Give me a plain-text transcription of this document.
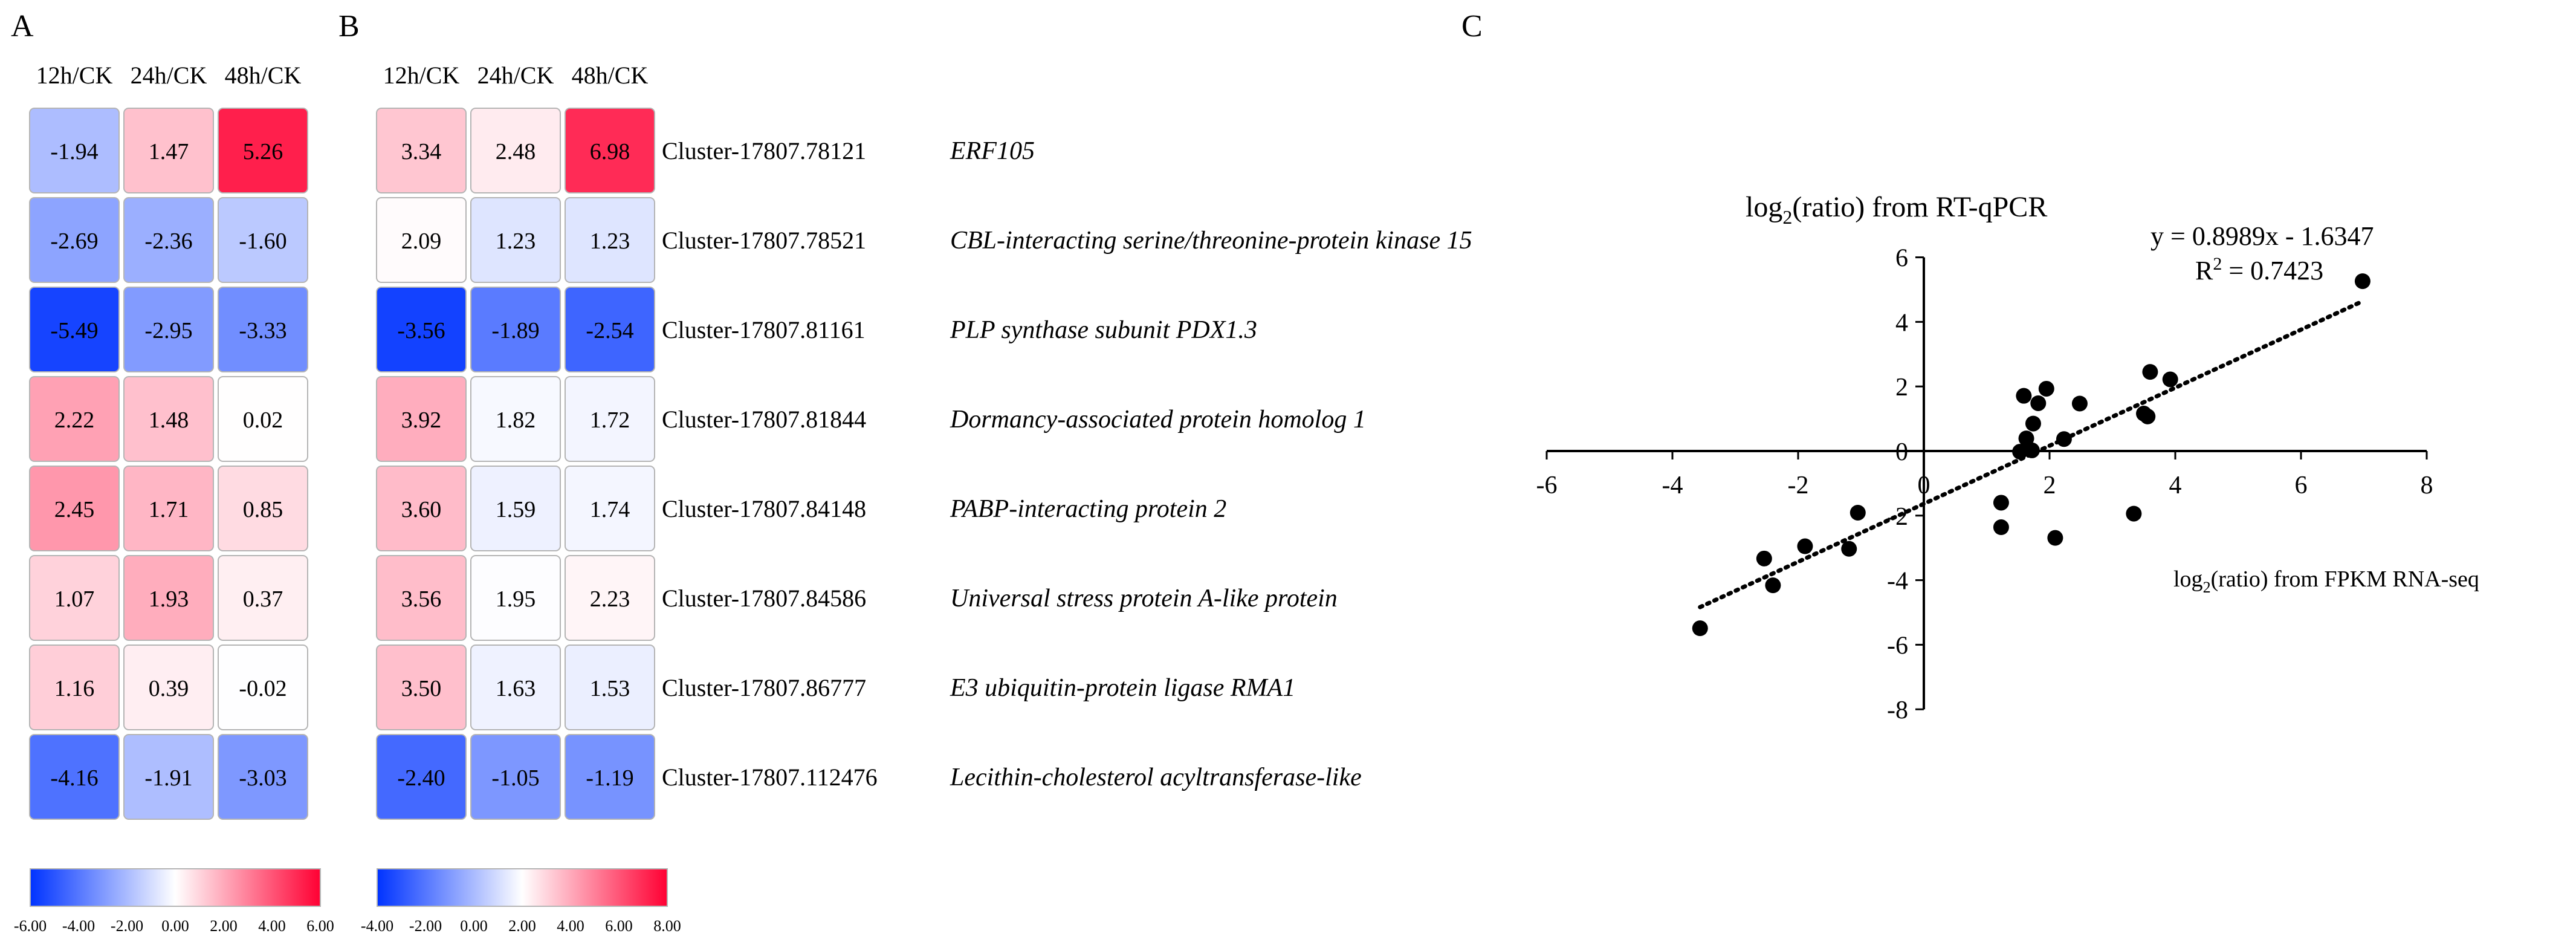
A	B	C
12h/CK 24h/CK 48h/CK
-1.94 1.47 5.26
-2.69 -2.36 -1.60
-5.49 -2.95 -3.33
2.22 1.48 0.02
2.45 1.71 0.85
1.07 1.93 0.37
1.16 0.39 -0.02
-4.16 -1.91 -3.03
12h/CK 24h/CK 48h/CK
3.34 2.48 6.98 Cluster-17807.78121	ERF105
2.09 1.23 1.23 Cluster-17807.78521	CBL-interacting serine/threonine-protein kinase 15
-3.56 -1.89 -2.54 Cluster-17807.81161	PLP synthase subunit PDX1.3
3.92 1.82 1.72 Cluster-17807.81844	Dormancy-associated protein homolog 1
3.60 1.59 1.74 Cluster-17807.84148	PABP-interacting protein 2
3.56 1.95 2.23 Cluster-17807.84586	Universal stress protein A-like protein
3.50 1.63 1.53 Cluster-17807.86777	E3 ubiquitin-protein ligase RMA1
-2.40 -1.05 -1.19 Cluster-17807.112476	Lecithin-cholesterol acyltransferase-like
-6.00 -4.00 -2.00 0.00 2.00 4.00 6.00 -4.00 -2.00 0.00 2.00 4.00 6.00 8.00
$\log_2(ratio)$ from RT-qPCR
y = 0.8989x - 1.6347
$R^2 = 0.7423$
$\log_2(ratio)$ from FPKM RNA-seq
-6	-4	-2	0	2	4	6	8
6
4
2
0
-2
-4
-6
-8
